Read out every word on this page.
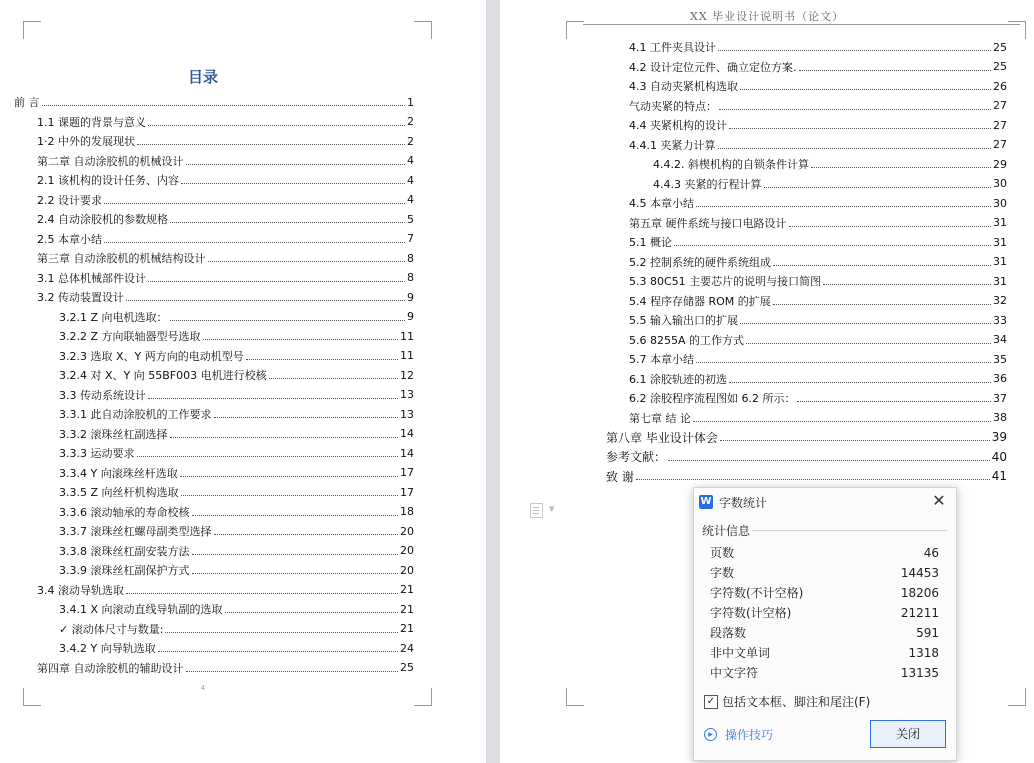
目录
前 言	1
1.1 课题的背景与意义	2
1·2 中外的发展现状	2
第二章 自动涂胶机的机械设计	4
2.1 该机构的设计任务、内容	4
2.2 设计要求	4
2.4 自动涂胶机的参数规格	5
2.5 本章小结	7
第三章 自动涂胶机的机械结构设计	8
3.1 总体机械部件设计	8
3.2 传动装置设计	9
3.2.1 Z 向电机选取：	9
3.2.2 Z 方向联轴器型号选取	11
3.2.3 选取 X、Y 两方向的电动机型号	11
3.2.4 对 X、Y 向 55BF003 电机进行校核	12
3.3 传动系统设计	13
3.3.1 此自动涂胶机的工作要求	13
3.3.2 滚珠丝杠副选择	14
3.3.3 运动要求	14
3.3.4 Y 向滚珠丝杆选取	17
3.3.5 Z 向丝杆机构选取	17
3.3.6 滚动轴承的寿命校核	18
3.3.7 滚珠丝杠螺母副类型选择	20
3.3.8 滚珠丝杠副安装方法	20
3.3.9 滚珠丝杠副保护方式	20
3.4 滚动导轨选取	21
3.4.1 X 向滚动直线导轨副的选取	21
✓ 滚动体尺寸与数量:	21
3.4.2 Y 向导轨选取	24
第四章 自动涂胶机的辅助设计	25
4
XX 毕业设计说明书（论文）
4.1 工件夹具设计	25
4.2 设计定位元件、确立定位方案.	25
4.3 自动夹紧机构选取	26
气动夹紧的特点：	27
4.4 夹紧机构的设计	27
4.4.1 夹紧力计算	27
4.4.2. 斜楔机构的自锁条件计算	29
4.4.3 夹紧的行程计算	30
4.5 本章小结	30
第五章 硬件系统与接口电路设计	31
5.1 概论	31
5.2 控制系统的硬件系统组成	31
5.3 80C51 主要芯片的说明与接口简图	31
5.4 程序存储器 ROM 的扩展	32
5.5 输入输出口的扩展	33
5.6 8255A 的工作方式	34
5.7 本章小结	35
6.1 涂胶轨迹的初选	36
6.2 涂胶程序流程图如 6.2 所示：	37
第七章 结 论	38
第八章 毕业设计体会	39
参考文献：	40
致 谢	41
▼
W 字数统计	✕
统计信息
页数	46
字数	14453
字符数(不计空格)	18206
字符数(计空格)	21211
段落数	591
非中文单词	1318
中文字符	13135
✓ 包括文本框、脚注和尾注(F)
▶	操作技巧	关闭
